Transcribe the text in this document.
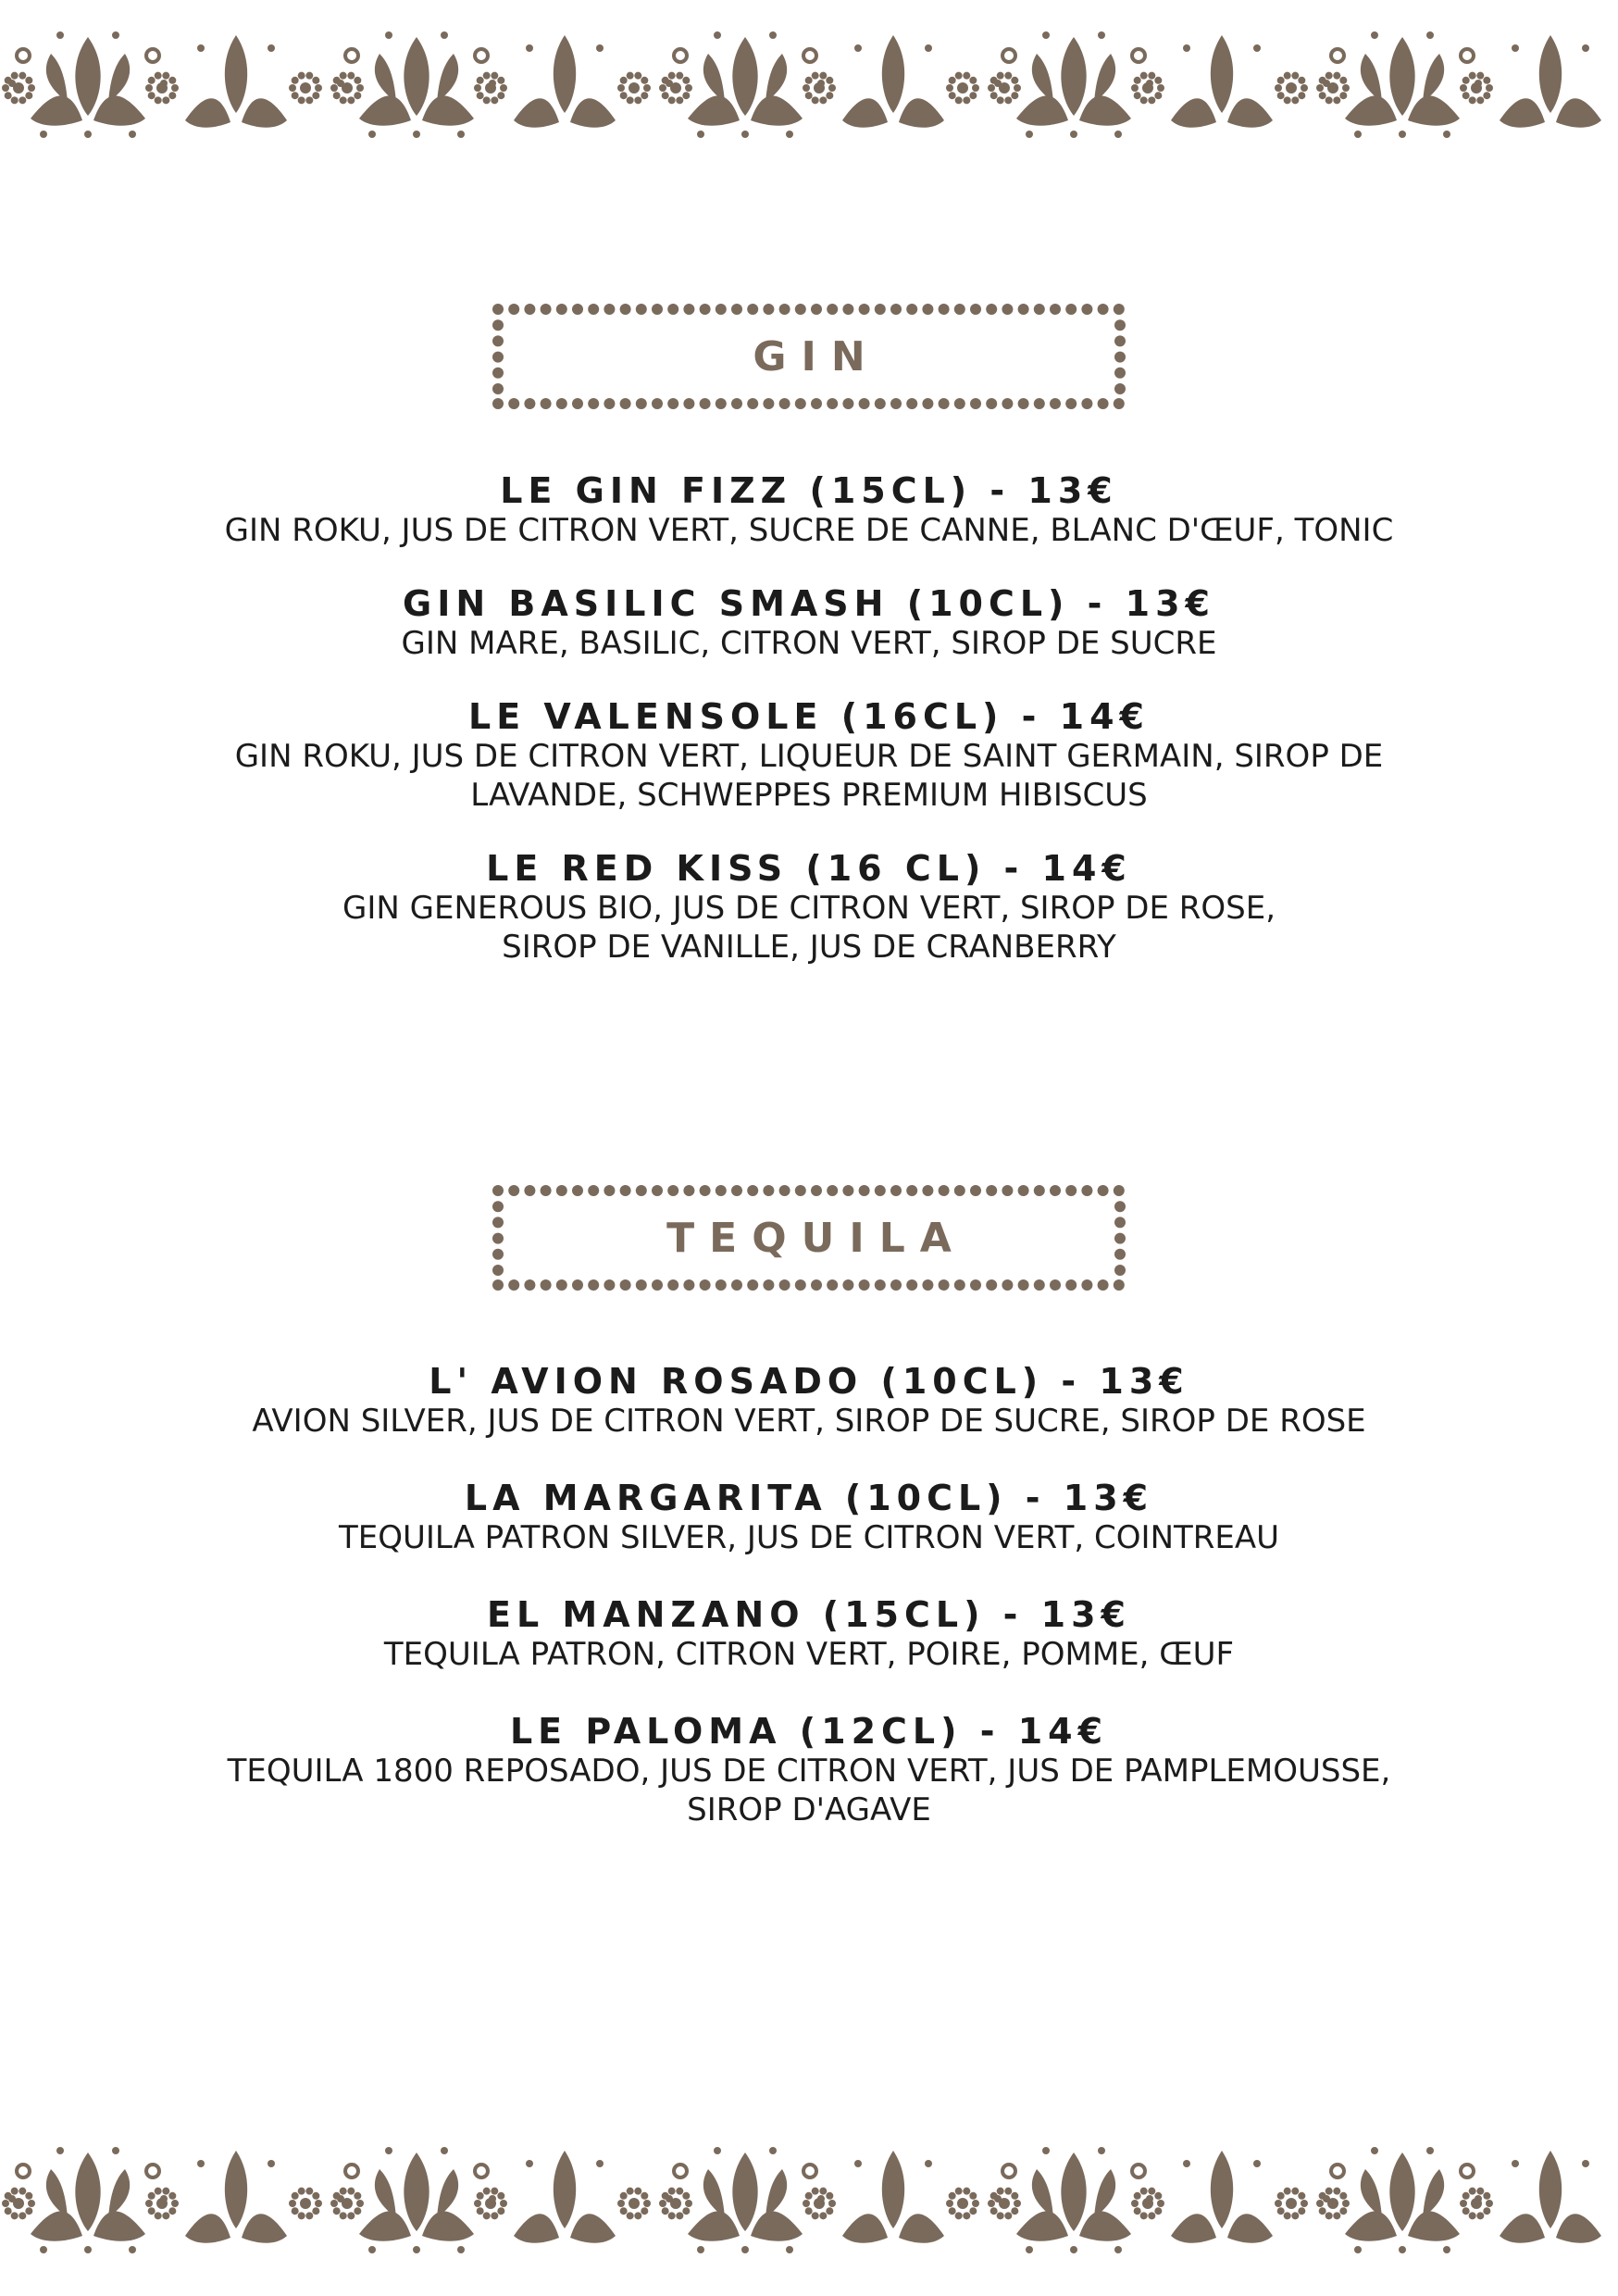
GIN
LE GIN FIZZ (15CL) - 13€
GIN ROKU, JUS DE CITRON VERT, SUCRE DE CANNE, BLANC D'ŒUF, TONIC
GIN BASILIC SMASH (10CL) - 13€
GIN MARE, BASILIC, CITRON VERT, SIROP DE SUCRE
LE VALENSOLE (16CL) - 14€
GIN ROKU, JUS DE CITRON VERT, LIQUEUR DE SAINT GERMAIN, SIROP DE
LAVANDE, SCHWEPPES PREMIUM HIBISCUS
LE RED KISS (16 CL) - 14€
GIN GENEROUS BIO, JUS DE CITRON VERT, SIROP DE ROSE,
SIROP DE VANILLE, JUS DE CRANBERRY
TEQUILA
L' AVION ROSADO (10CL) - 13€
AVION SILVER, JUS DE CITRON VERT, SIROP DE SUCRE, SIROP DE ROSE
LA MARGARITA (10CL) - 13€
TEQUILA PATRON SILVER, JUS DE CITRON VERT, COINTREAU
EL MANZANO (15CL) - 13€
TEQUILA PATRON, CITRON VERT, POIRE, POMME, ŒUF
LE PALOMA (12CL) - 14€
TEQUILA 1800 REPOSADO, JUS DE CITRON VERT, JUS DE PAMPLEMOUSSE,
SIROP D'AGAVE
